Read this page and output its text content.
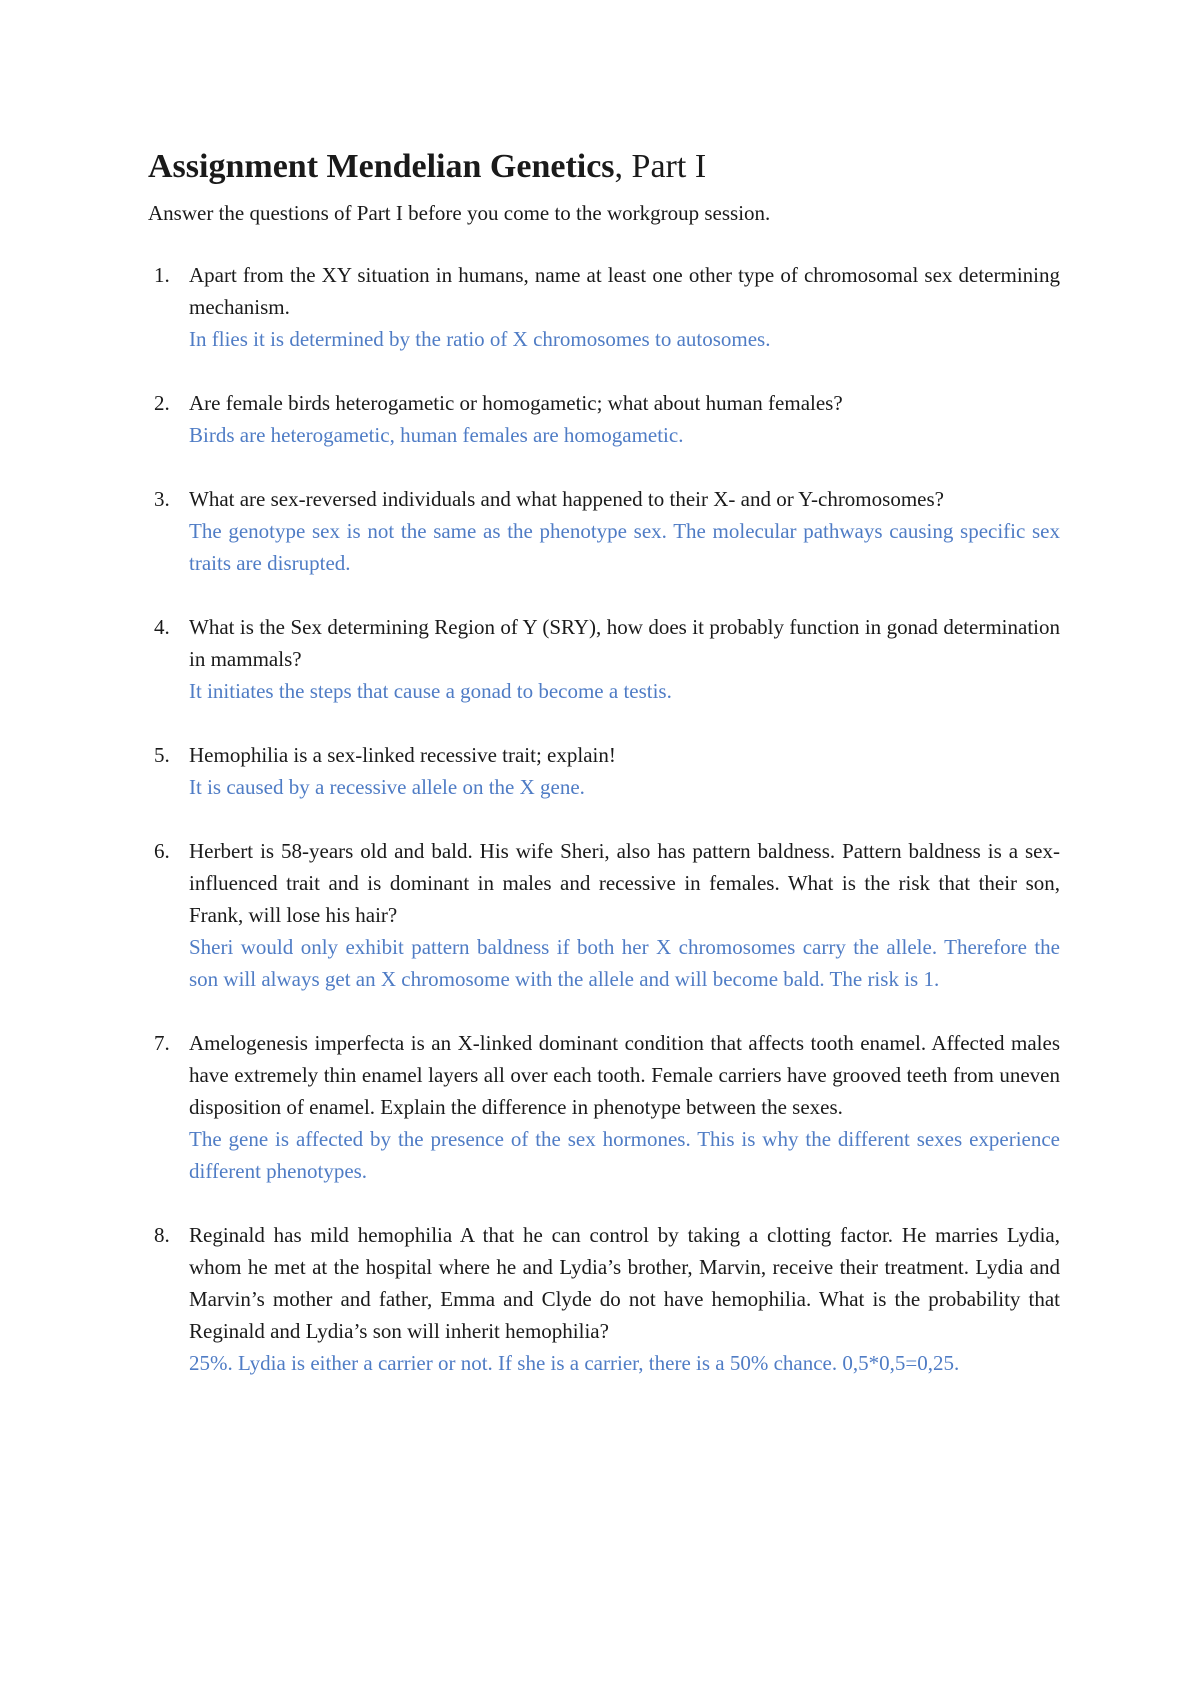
Assignment Mendelian Genetics, Part I

Answer the questions of Part I before you come to the workgroup session.

1. Apart from the XY situation in humans, name at least one other type of chromosomal sex determining mechanism.
In flies it is determined by the ratio of X chromosomes to autosomes.
2. Are female birds heterogametic or homogametic; what about human females?
Birds are heterogametic, human females are homogametic.
3. What are sex-reversed individuals and what happened to their X- and or Y-chromosomes?
The genotype sex is not the same as the phenotype sex. The molecular pathways causing specific sex traits are disrupted.
4. What is the Sex determining Region of Y (SRY), how does it probably function in gonad determination in mammals?
It initiates the steps that cause a gonad to become a testis.
5. Hemophilia is a sex-linked recessive trait; explain!
It is caused by a recessive allele on the X gene.
6. Herbert is 58-years old and bald. His wife Sheri, also has pattern baldness. Pattern baldness is a sex-influenced trait and is dominant in males and recessive in females. What is the risk that their son, Frank, will lose his hair?
Sheri would only exhibit pattern baldness if both her X chromosomes carry the allele. Therefore the son will always get an X chromosome with the allele and will become bald. The risk is 1.
7. Amelogenesis imperfecta is an X-linked dominant condition that affects tooth enamel. Affected males have extremely thin enamel layers all over each tooth. Female carriers have grooved teeth from uneven disposition of enamel. Explain the difference in phenotype between the sexes.
The gene is affected by the presence of the sex hormones. This is why the different sexes experience different phenotypes.
8. Reginald has mild hemophilia A that he can control by taking a clotting factor. He marries Lydia, whom he met at the hospital where he and Lydia’s brother, Marvin, receive their treatment. Lydia and Marvin’s mother and father, Emma and Clyde do not have hemophilia. What is the probability that Reginald and Lydia’s son will inherit hemophilia?
25%. Lydia is either a carrier or not. If she is a carrier, there is a 50% chance. 0,5*0,5=0,25.
